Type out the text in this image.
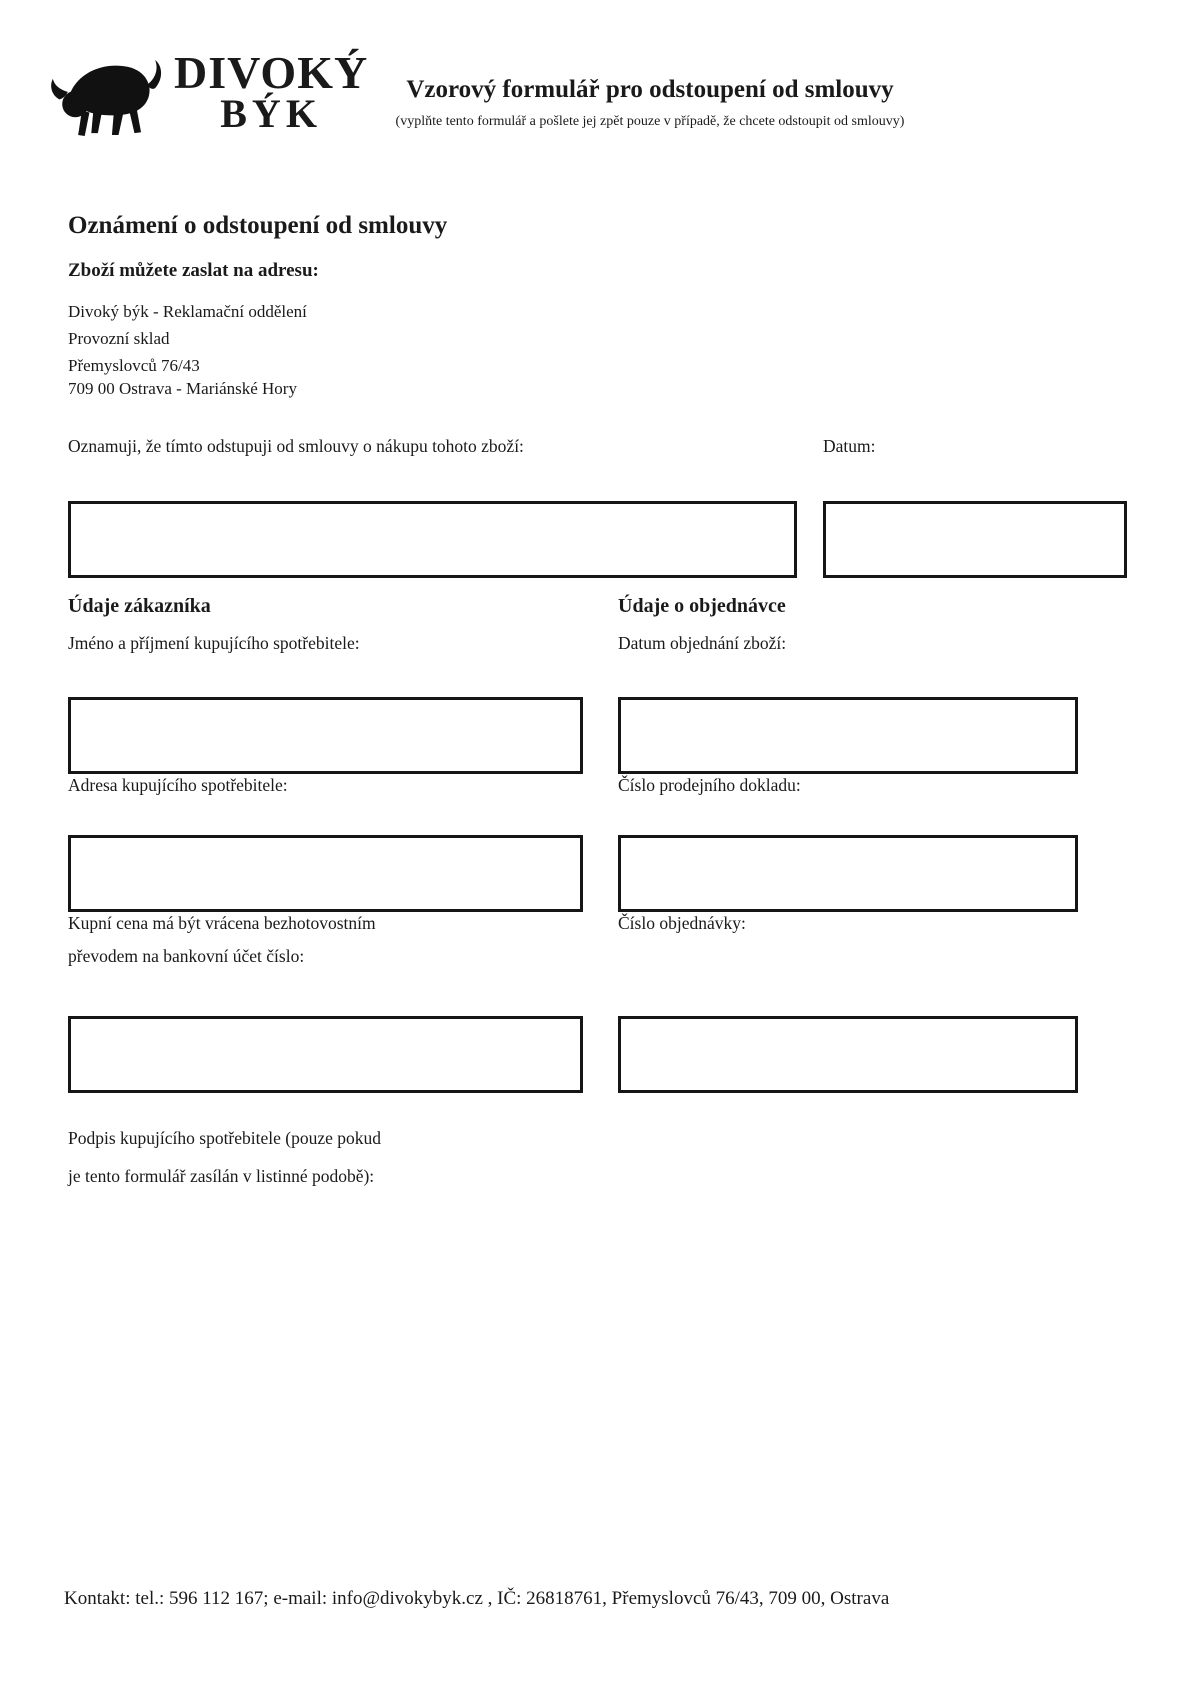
DIVOKÝ
BÝK
Vzorový formulář pro odstoupení od smlouvy
(vyplňte tento formulář a pošlete jej zpět pouze v případě, že chcete odstoupit od smlouvy)
Oznámení o odstoupení od smlouvy
Zboží můžete zaslat na adresu:
Divoký býk - Reklamační oddělení
Provozní sklad
Přemyslovců 76/43
709 00 Ostrava - Mariánské Hory
Oznamuji, že tímto odstupuji od smlouvy o nákupu tohoto zboží:	Datum:
Údaje zákazníka	Údaje o objednávce
Jméno a příjmení kupujícího spotřebitele:	Datum objednání zboží:
Adresa kupujícího spotřebitele:	Číslo prodejního dokladu:
Kupní cena má být vrácena bezhotovostním
převodem na bankovní účet číslo:
Číslo objednávky:
Podpis kupujícího spotřebitele (pouze pokud
je tento formulář zasílán v listinné podobě):
Kontakt: tel.: 596 112 167; e-mail: info@divokybyk.cz , IČ: 26818761, Přemyslovců 76/43, 709 00, Ostrava
